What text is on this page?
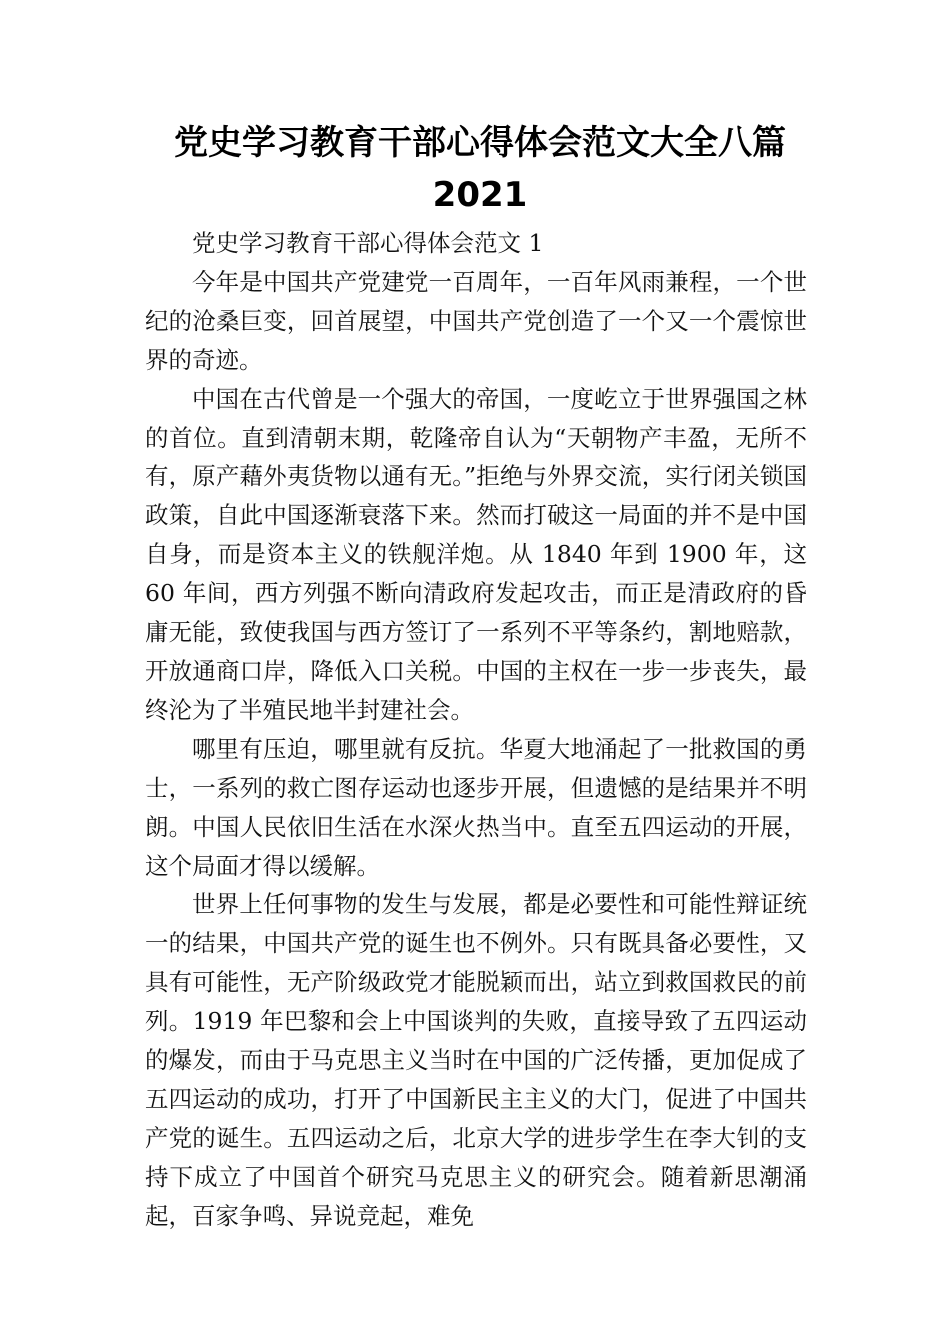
党史学习教育干部心得体会范文大全八篇
2021

党史学习教育干部心得体会范文 1

今年是中国共产党建党一百周年，一百年风雨兼程，一个世纪的沧桑巨变，回首展望，中国共产党创造了一个又一个震惊世界的奇迹。

中国在古代曾是一个强大的帝国，一度屹立于世界强国之林的首位。直到清朝末期，乾隆帝自认为“天朝物产丰盈，无所不有，原产藉外夷货物以通有无。”拒绝与外界交流，实行闭关锁国政策，自此中国逐渐衰落下来。然而打破这一局面的并不是中国自身，而是资本主义的铁舰洋炮。从 1840 年到 1900 年，这 60 年间，西方列强不断向清政府发起攻击，而正是清政府的昏庸无能，致使我国与西方签订了一系列不平等条约，割地赔款，开放通商口岸，降低入口关税。中国的主权在一步一步丧失，最终沦为了半殖民地半封建社会。

哪里有压迫，哪里就有反抗。华夏大地涌起了一批救国的勇士，一系列的救亡图存运动也逐步开展，但遗憾的是结果并不明朗。中国人民依旧生活在水深火热当中。直至五四运动的开展，这个局面才得以缓解。

世界上任何事物的发生与发展，都是必要性和可能性辩证统一的结果，中国共产党的诞生也不例外。只有既具备必要性，又具有可能性，无产阶级政党才能脱颖而出，站立到救国救民的前列。1919 年巴黎和会上中国谈判的失败，直接导致了五四运动的爆发，而由于马克思主义当时在中国的广泛传播，更加促成了五四运动的成功，打开了中国新民主主义的大门，促进了中国共产党的诞生。五四运动之后，北京大学的进步学生在李大钊的支持下成立了中国首个研究马克思主义的研究会。随着新思潮涌起，百家争鸣、异说竞起，难免
